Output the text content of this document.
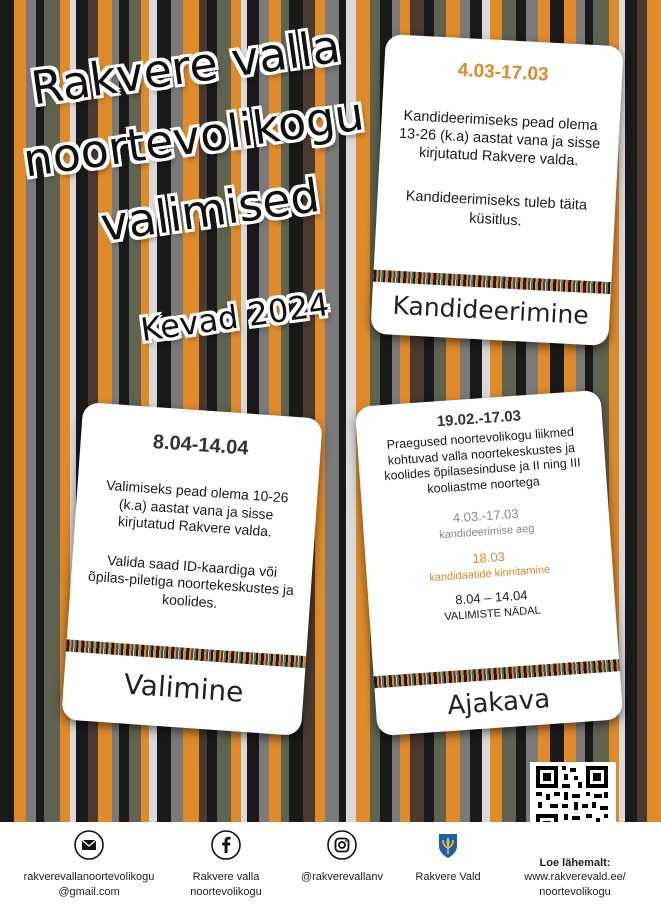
Rakvere valla
noortevolikogu
valimised
Kevad 2024
4.03-17.03
Kandideerimiseks pead olema 13-26 (k.a) aastat vana ja sisse kirjutatud Rakvere valda.
Kandideerimiseks tuleb täita küsitlus.
Kandideerimine
8.04-14.04
Valimiseks pead olema 10-26 (k.a) aastat vana ja sisse kirjutatud Rakvere valda.
Valida saad ID-kaardiga või õpilas-piletiga noortekeskustes ja koolides.
Valimine
19.02.-17.03
Praegused noortevolikogu liikmed kohtuvad valla noortekeskustes ja koolides õpilasesinduse ja II ning III kooliastme noortega
4.03.-17.03
kandideerimise aeg
18.03
kandidaatide kinnitamine
8.04 – 14.04
VALIMISTE NÄDAL
Ajakava
rakverevallanoortevolikogu
@gmail.com
Rakvere valla
noortevolikogu
@rakverevallanv	Rakvere Vald
Loe lähemalt:
www.rakverevald.ee/
noortevolikogu
